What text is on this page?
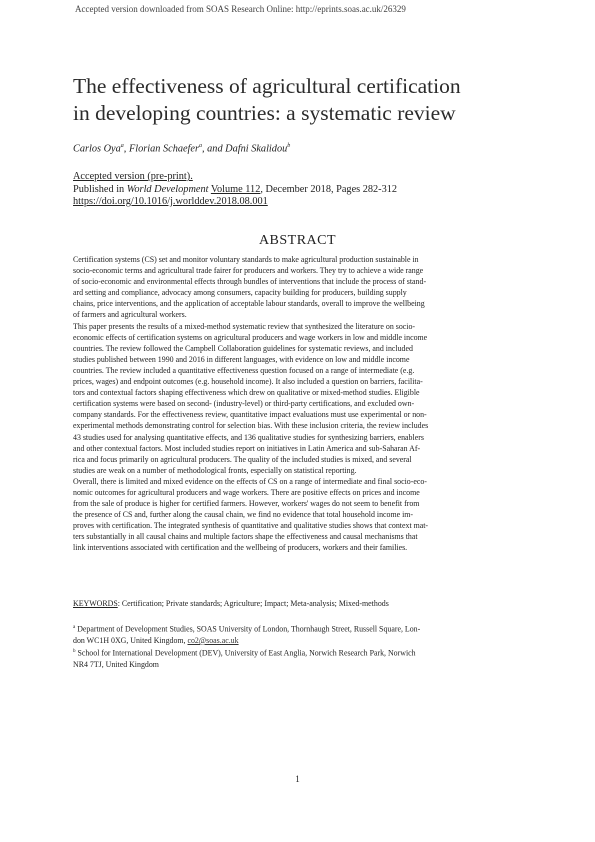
Accepted version downloaded from SOAS Research Online: http://eprints.soas.ac.uk/26329
The effectiveness of agricultural certification
in developing countries: a systematic review
Carlos Oya$^a$, Florian Schaefer$^a$, and Dafni Skalidou$^b$
Accepted version (pre-print).
Published in World Development Volume 112, December 2018, Pages 282-312
https://doi.org/10.1016/j.worlddev.2018.08.001
ABSTRACT
Certification systems (CS) set and monitor voluntary standards to make agricultural production sustainable in
socio-economic terms and agricultural trade fairer for producers and workers. They try to achieve a wide range
of socio-economic and environmental effects through bundles of interventions that include the process of stand-
ard setting and compliance, advocacy among consumers, capacity building for producers, building supply
chains, price interventions, and the application of acceptable labour standards, overall to improve the wellbeing
of farmers and agricultural workers.
This paper presents the results of a mixed-method systematic review that synthesized the literature on socio-
economic effects of certification systems on agricultural producers and wage workers in low and middle income
countries. The review followed the Campbell Collaboration guidelines for systematic reviews, and included
studies published between 1990 and 2016 in different languages, with evidence on low and middle income
countries. The review included a quantitative effectiveness question focused on a range of intermediate (e.g.
prices, wages) and endpoint outcomes (e.g. household income). It also included a question on barriers, facilita-
tors and contextual factors shaping effectiveness which drew on qualitative or mixed-method studies. Eligible
certification systems were based on second- (industry-level) or third-party certifications, and excluded own-
company standards. For the effectiveness review, quantitative impact evaluations must use experimental or non-
experimental methods demonstrating control for selection bias. With these inclusion criteria, the review includes
43 studies used for analysing quantitative effects, and 136 qualitative studies for synthesizing barriers, enablers
and other contextual factors. Most included studies report on initiatives in Latin America and sub-Saharan Af-
rica and focus primarily on agricultural producers. The quality of the included studies is mixed, and several
studies are weak on a number of methodological fronts, especially on statistical reporting.
Overall, there is limited and mixed evidence on the effects of CS on a range of intermediate and final socio-eco-
nomic outcomes for agricultural producers and wage workers. There are positive effects on prices and income
from the sale of produce is higher for certified farmers. However, workers' wages do not seem to benefit from
the presence of CS and, further along the causal chain, we find no evidence that total household income im-
proves with certification. The integrated synthesis of quantitative and qualitative studies shows that context mat-
ters substantially in all causal chains and multiple factors shape the effectiveness and causal mechanisms that
link interventions associated with certification and the wellbeing of producers, workers and their families.
KEYWORDS: Certification; Private standards; Agriculture; Impact; Meta-analysis; Mixed-methods
$^a$ Department of Development Studies, SOAS University of London, Thornhaugh Street, Russell Square, Lon-
don WC1H 0XG, United Kingdom, co2@soas.ac.uk
$^b$ School for International Development (DEV), University of East Anglia, Norwich Research Park, Norwich
NR4 7TJ, United Kingdom
1
